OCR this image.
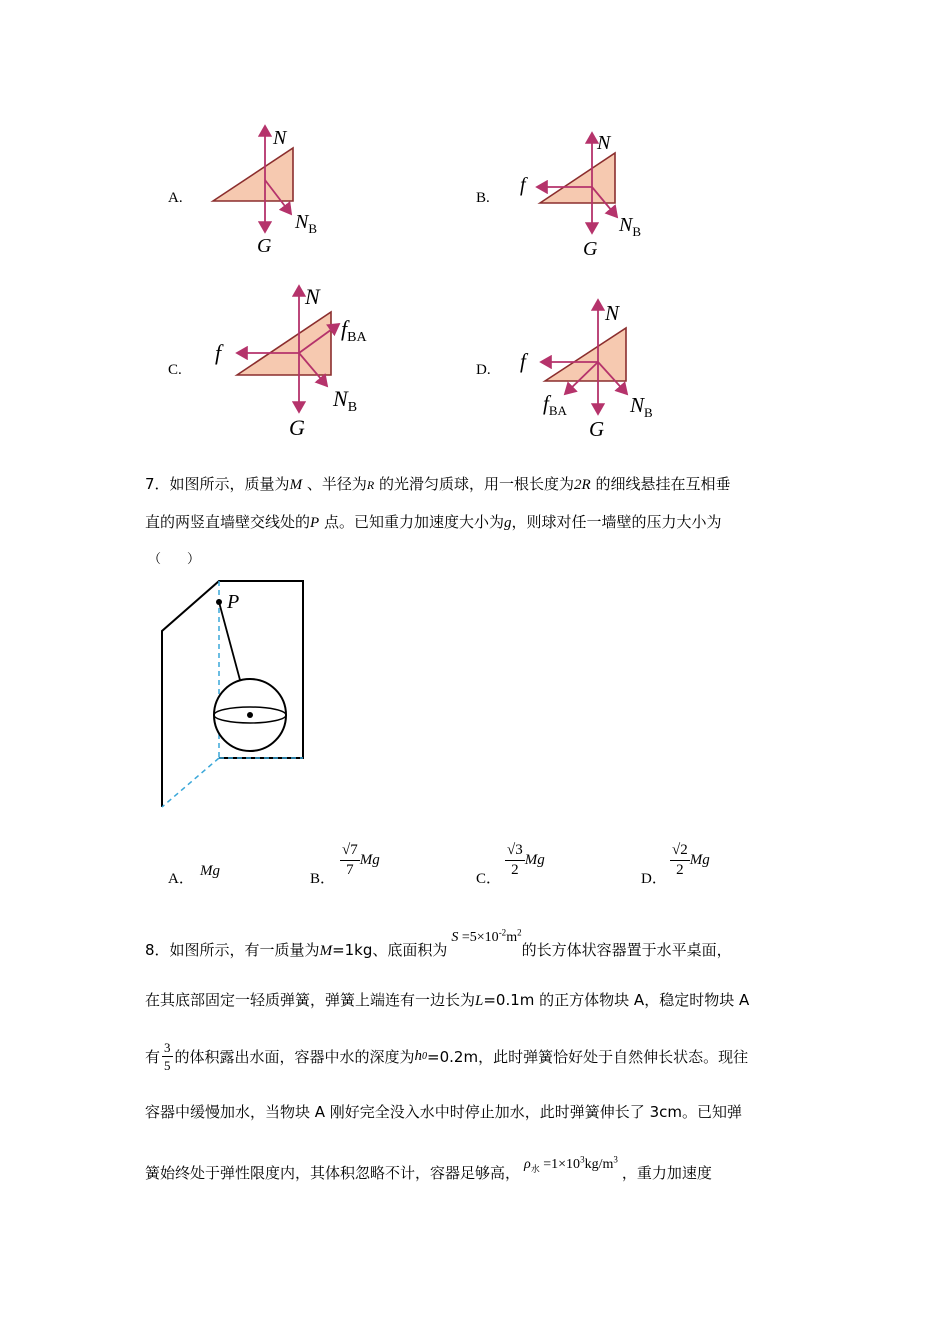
A.
N
G
$N_B$
B.
N
G
f
$N_B$
C.
N
G
f
$f_{BA}$
$N_B$
D.
N
G
f
$f_{BA}$	$N_B$
7．如图所示，质量为M 、半径为R 的光滑匀质球，用一根长度为2R 的细线悬挂在互相垂
直的两竖直墙壁交线处的P 点。已知重力加速度大小为g，则球对任一墙壁的压力大小为
（　　）
P
A． Mg	B．
$\frac{√7}{7}$ Mg
C．
$\frac{√3}{2}$ Mg
D．
$\frac{√2}{2}$ Mg
8．如图所示，有一质量为M=1kg、底面积为$S =5\times 10^{-2}m^2$的长方体状容器置于水平桌面，
在其底部固定一轻质弹簧，弹簧上端连有一边长为L=0.1m 的正方体物块 A，稳定时物块 A
有 $\frac{3}{5}$ 的体积露出水面，容器中水的深度为 h 0 =0.2m，此时弹簧恰好处于自然伸长状态。现往
容器中缓慢加水，当物块 A 刚好完全没入水中时停止加水，此时弹簧伸长了 3cm。已知弹
簧始终处于弹性限度内，其体积忽略不计，容器足够高， $\rho_水 =1\times 10^3kg/m^3$，重力加速度
